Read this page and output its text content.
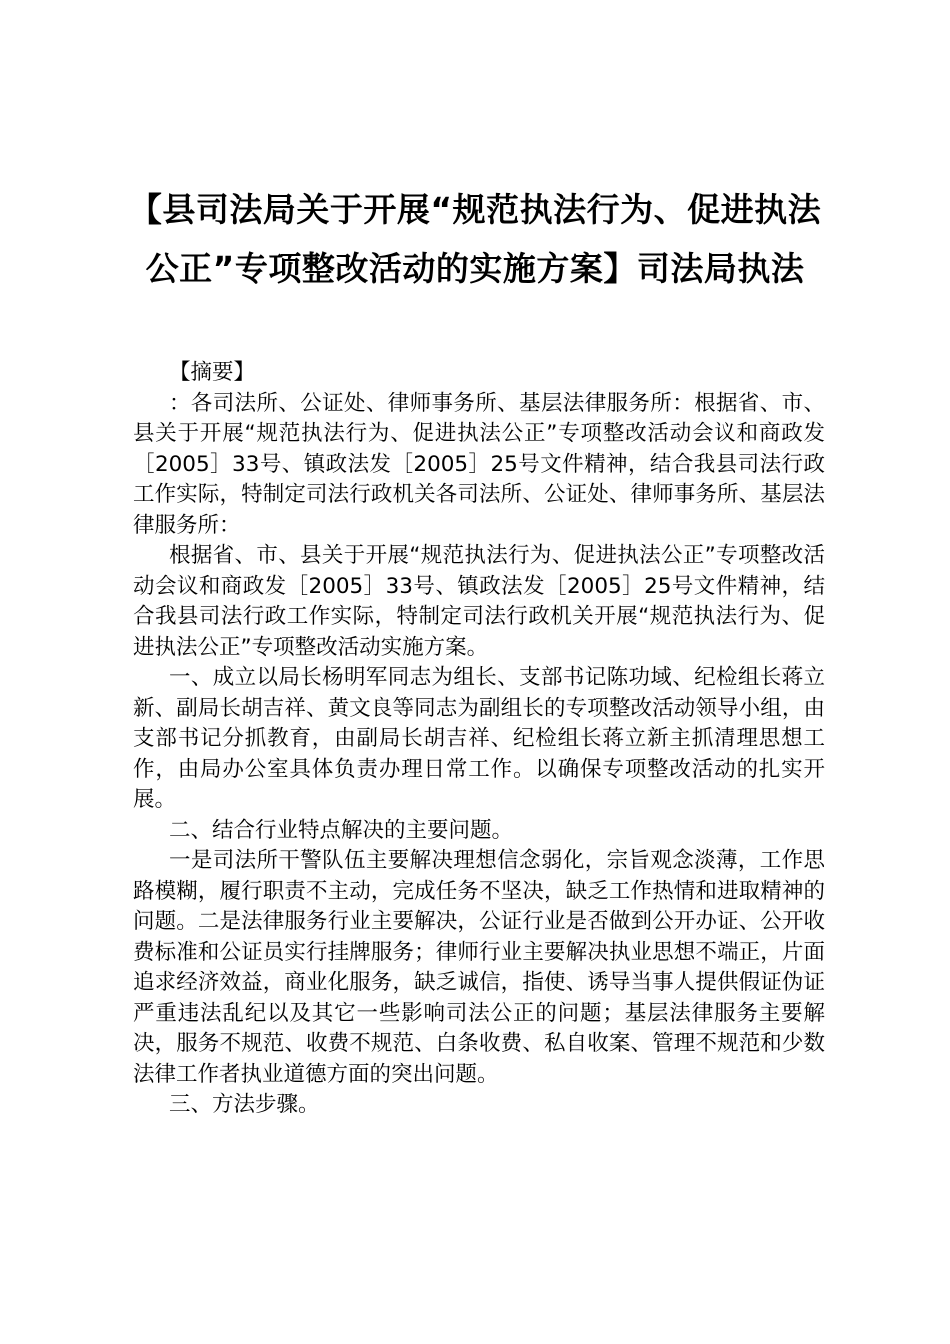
【县司法局关于开展“规范执法行为、促进执法公正”专项整改活动的实施方案】司法局执法

【摘要】

：各司法所、公证处、律师事务所、基层法律服务所：根据省、市、县关于开展“规范执法行为、促进执法公正”专项整改活动会议和商政发［2005］33号、镇政法发［2005］25号文件精神，结合我县司法行政工作实际，特制定司法行政机关各司法所、公证处、律师事务所、基层法律服务所：

根据省、市、县关于开展“规范执法行为、促进执法公正”专项整改活动会议和商政发［2005］33号、镇政法发［2005］25号文件精神，结合我县司法行政工作实际，特制定司法行政机关开展“规范执法行为、促进执法公正”专项整改活动实施方案。

一、成立以局长杨明军同志为组长、支部书记陈功域、纪检组长蒋立新、副局长胡吉祥、黄文良等同志为副组长的专项整改活动领导小组，由支部书记分抓教育，由副局长胡吉祥、纪检组长蒋立新主抓清理思想工作，由局办公室具体负责办理日常工作。以确保专项整改活动的扎实开展。

二、结合行业特点解决的主要问题。

一是司法所干警队伍主要解决理想信念弱化，宗旨观念淡薄，工作思路模糊，履行职责不主动，完成任务不坚决，缺乏工作热情和进取精神的问题。二是法律服务行业主要解决，公证行业是否做到公开办证、公开收费标准和公证员实行挂牌服务；律师行业主要解决执业思想不端正，片面追求经济效益，商业化服务，缺乏诚信，指使、诱导当事人提供假证伪证严重违法乱纪以及其它一些影响司法公正的问题；基层法律服务主要解决，服务不规范、收费不规范、白条收费、私自收案、管理不规范和少数法律工作者执业道德方面的突出问题。

三、方法步骤。
